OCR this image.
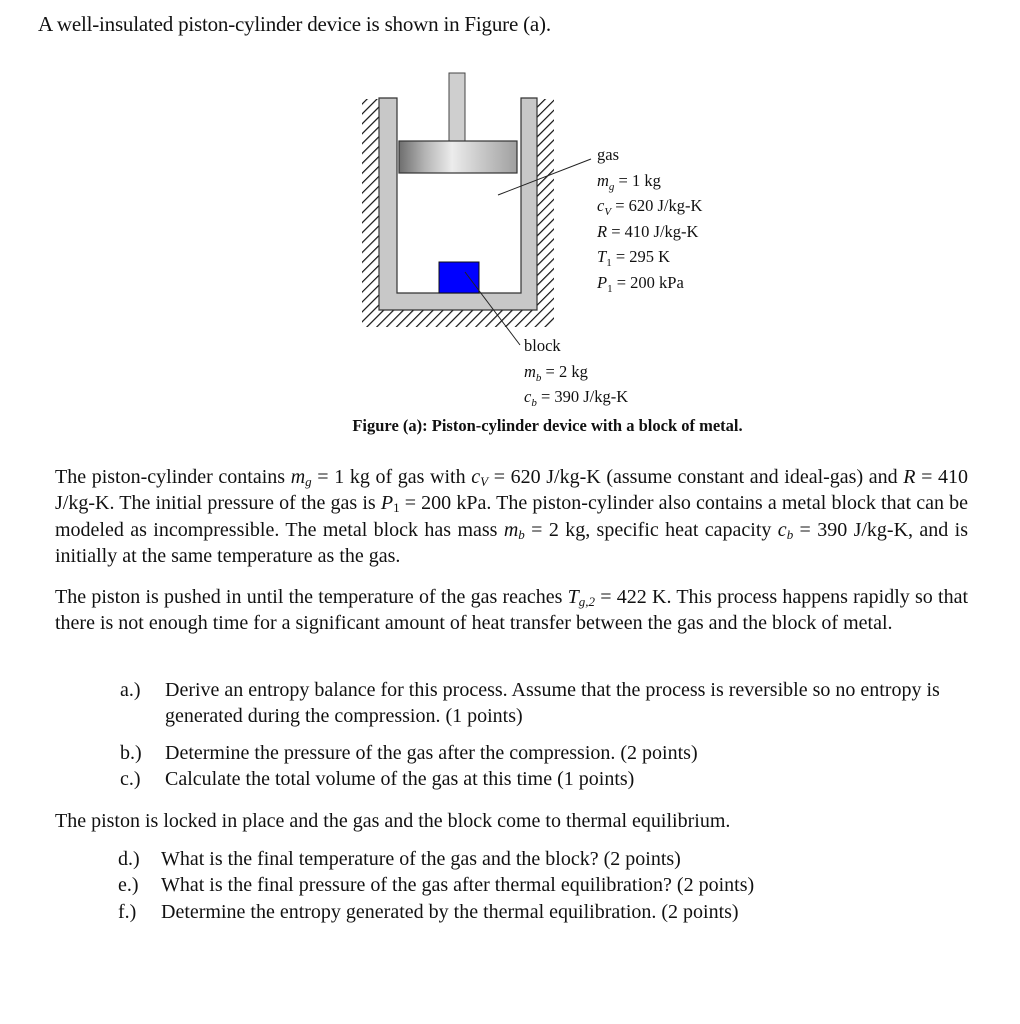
A well-insulated piston-cylinder device is shown in Figure (a).

gas
$m_g = 1$ kg
$c_V = 620$ J/kg-K
R = 410 J/kg-K
$T_1 = 295$ K
$P_1 = 200$ kPa
block
$m_b = 2$ kg
$c_b = 390$ J/kg-K

Figure (a): Piston-cylinder device with a block of metal.

The piston-cylinder contains $m_g = 1$ kg of gas with $c_V = 620$ J/kg-K (assume constant and ideal-gas) and R = 410 J/kg-K. The initial pressure of the gas is $P_1 = 200$ kPa. The piston-cylinder also contains a metal block that can be modeled as incompressible. The metal block has mass $m_b = 2$ kg, specific heat capacity $c_b = 390$ J/kg-K, and is initially at the same temperature as the gas.

The piston is pushed in until the temperature of the gas reaches $T_{g,2} = 422$ K. This process happens rapidly so that there is not enough time for a significant amount of heat transfer between the gas and the block of metal.

a.) Derive an entropy balance for this process. Assume that the process is reversible so no entropy is generated during the compression. (1 points)
b.) Determine the pressure of the gas after the compression. (2 points)
c.) Calculate the total volume of the gas at this time (1 points)

The piston is locked in place and the gas and the block come to thermal equilibrium.

d.) What is the final temperature of the gas and the block? (2 points)
e.) What is the final pressure of the gas after thermal equilibration? (2 points)
f.) Determine the entropy generated by the thermal equilibration. (2 points)
